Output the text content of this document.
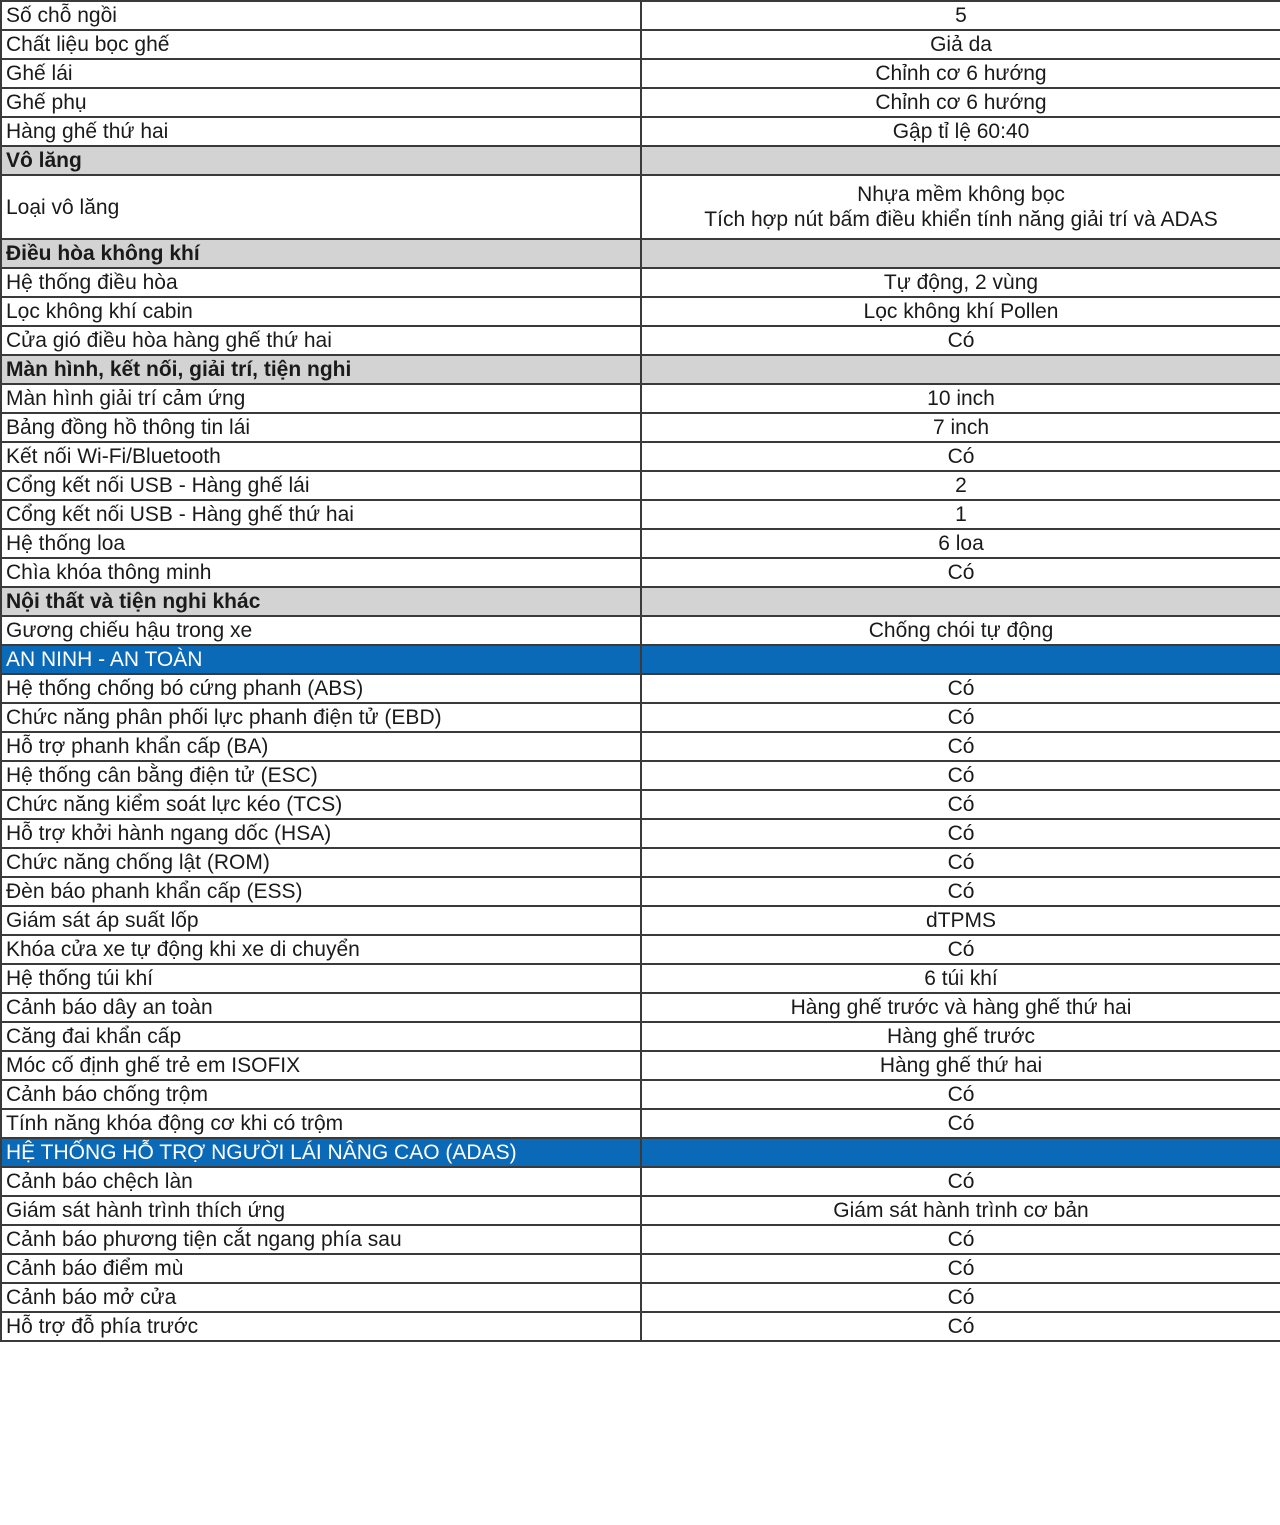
Số chỗ ngồi	5
Chất liệu bọc ghế	Giả da
Ghế lái	Chỉnh cơ 6 hướng
Ghế phụ	Chỉnh cơ 6 hướng
Hàng ghế thứ hai	Gập tỉ lệ 60:40
Vô lăng	
Loại vô lăng	Nhựa mềm không bọc
Tích hợp nút bấm điều khiển tính năng giải trí và ADAS

Điều hòa không khí	
Hệ thống điều hòa	Tự động, 2 vùng
Lọc không khí cabin	Lọc không khí Pollen
Cửa gió điều hòa hàng ghế thứ hai	Có
Màn hình, kết nối, giải trí, tiện nghi	
Màn hình giải trí cảm ứng	10 inch
Bảng đồng hồ thông tin lái	7 inch
Kết nối Wi-Fi/Bluetooth	Có
Cổng kết nối USB - Hàng ghế lái	2
Cổng kết nối USB - Hàng ghế thứ hai	1
Hệ thống loa	6 loa
Chìa khóa thông minh	Có
Nội thất và tiện nghi khác	
Gương chiếu hậu trong xe	Chống chói tự động
AN NINH - AN TOÀN	
Hệ thống chống bó cứng phanh (ABS)	Có
Chức năng phân phối lực phanh điện tử (EBD)	Có
Hỗ trợ phanh khẩn cấp (BA)	Có
Hệ thống cân bằng điện tử (ESC)	Có
Chức năng kiểm soát lực kéo (TCS)	Có
Hỗ trợ khởi hành ngang dốc (HSA)	Có
Chức năng chống lật (ROM)	Có
Đèn báo phanh khẩn cấp (ESS)	Có
Giám sát áp suất lốp	dTPMS
Khóa cửa xe tự động khi xe di chuyển	Có
Hệ thống túi khí	6 túi khí
Cảnh báo dây an toàn	Hàng ghế trước và hàng ghế thứ hai
Căng đai khẩn cấp	Hàng ghế trước
Móc cố định ghế trẻ em ISOFIX	Hàng ghế thứ hai
Cảnh báo chống trộm	Có
Tính năng khóa động cơ khi có trộm	Có
HỆ THỐNG HỖ TRỢ NGƯỜI LÁI NÂNG CAO (ADAS)	
Cảnh báo chệch làn	Có
Giám sát hành trình thích ứng	Giám sát hành trình cơ bản
Cảnh báo phương tiện cắt ngang phía sau	Có
Cảnh báo điểm mù	Có
Cảnh báo mở cửa	Có
Hỗ trợ đỗ phía trước	Có
